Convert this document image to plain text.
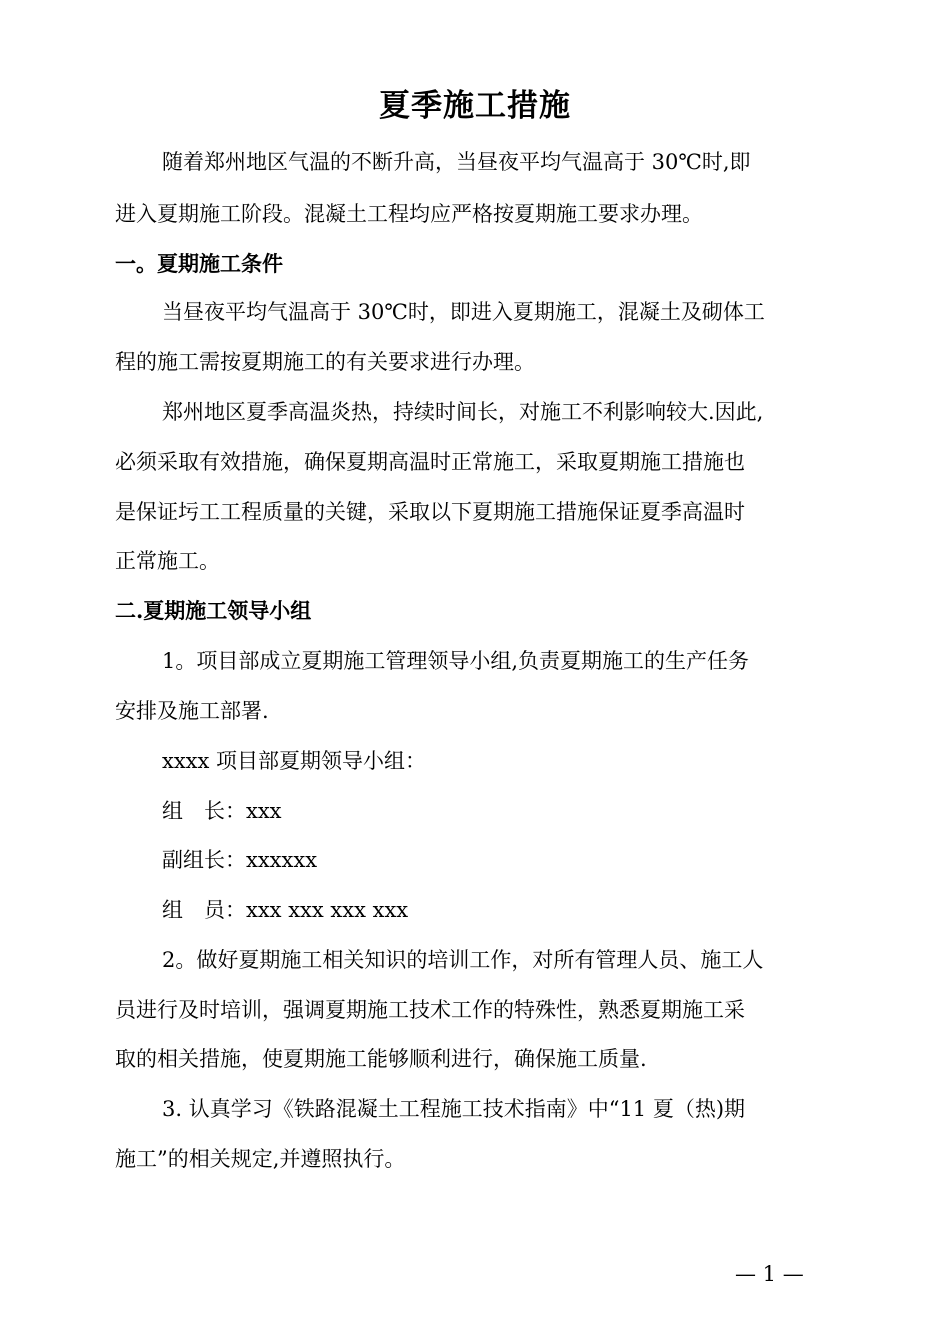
夏季施工措施
随着郑州地区气温的不断升高，当昼夜平均气温高于 30℃时,即
进入夏期施工阶段。混凝土工程均应严格按夏期施工要求办理。
一。夏期施工条件
当昼夜平均气温高于 30℃时，即进入夏期施工，混凝土及砌体工
程的施工需按夏期施工的有关要求进行办理。
郑州地区夏季高温炎热，持续时间长，对施工不利影响较大.因此,
必须采取有效措施，确保夏期高温时正常施工，采取夏期施工措施也
是保证圬工工程质量的关键，采取以下夏期施工措施保证夏季高温时
正常施工。
二.夏期施工领导小组
1。项目部成立夏期施工管理领导小组,负责夏期施工的生产任务
安排及施工部署.
xxxx 项目部夏期领导小组：
组　长：xxx
副组长：xxxxxx
组　员：xxx xxx xxx xxx
2。做好夏期施工相关知识的培训工作，对所有管理人员、施工人
员进行及时培训，强调夏期施工技术工作的特殊性，熟悉夏期施工采
取的相关措施，使夏期施工能够顺利进行，确保施工质量.
3. 认真学习《铁路混凝土工程施工技术指南》中“11 夏（热)期
施工”的相关规定,并遵照执行。
— 1 —
